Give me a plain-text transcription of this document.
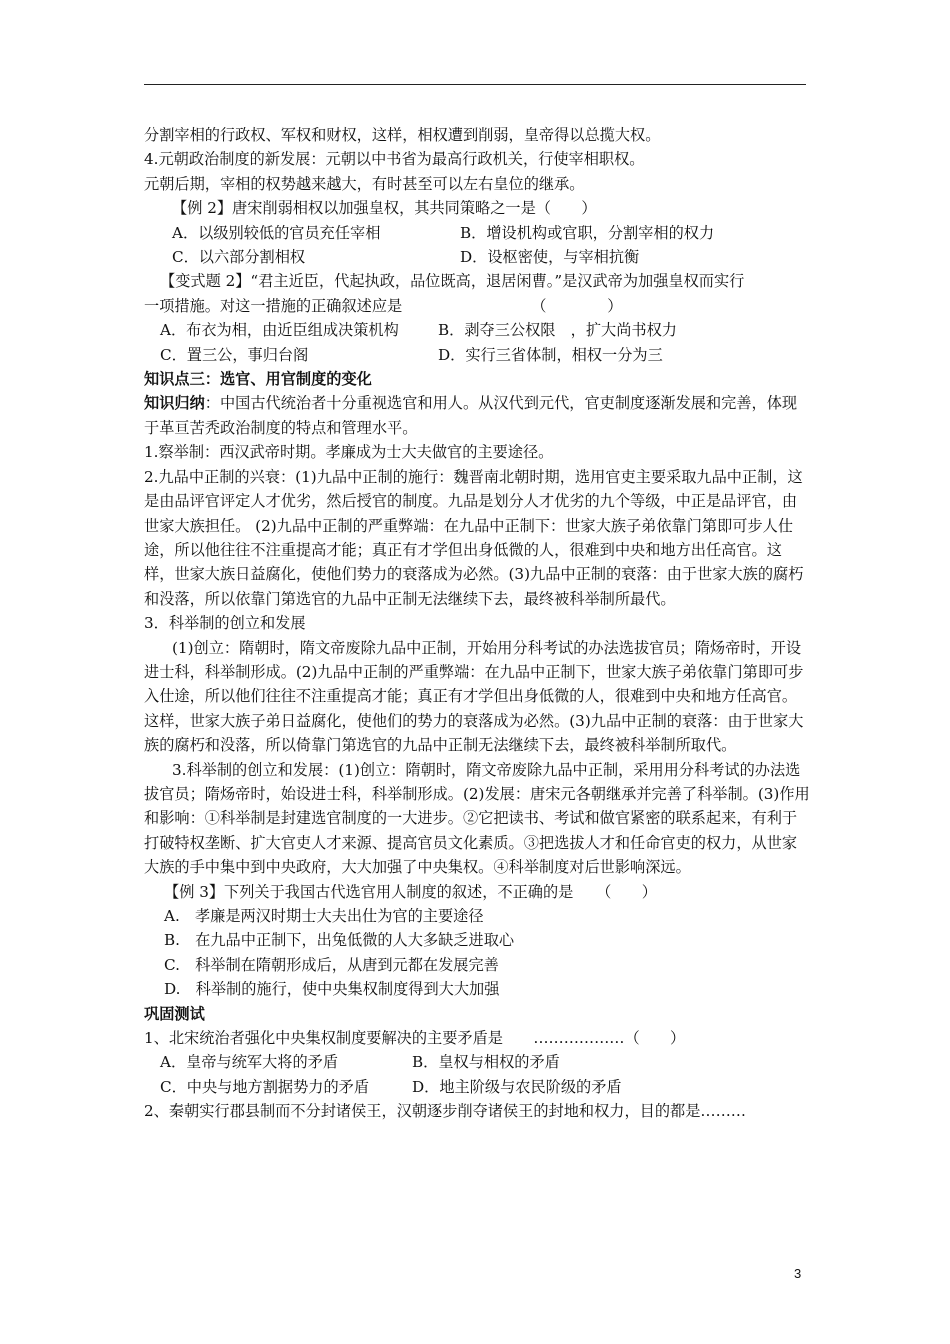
分割宰相的行政权、军权和财权，这样，相权遭到削弱，皇帝得以总揽大权。

4.元朝政治制度的新发展：元朝以中书省为最高行政机关，行使宰相职权。

元朝后期，宰相的权势越来越大，有时甚至可以左右皇位的继承。

【例 2】唐宋削弱相权以加强皇权，其共同策略之一是（　　）

A．以级别较低的官员充任宰相	B．增设机构或官职，分割宰相的权力
C．以六部分割相权	D．设枢密使，与宰相抗衡

【变式题 2】“君主近臣，代起执政，品位既高，退居闲曹。”是汉武帝为加强皇权而实行

一项措施。对这一措施的正确叙述应是　　　　　　　　　（　　　　）

A．布衣为相，由近臣组成决策机构	B．剥夺三公权限　，扩大尚书权力
C．置三公，事归台阁	D．实行三省体制，相权一分为三

知识点三：选官、用官制度的变化

知识归纳：中国古代统治者十分重视选官和用人。从汉代到元代，官吏制度逐渐发展和完善，体现于革亘苦秃政治制度的特点和管理水平。

1.察举制：西汉武帝时期。孝廉成为士大夫做官的主要途径。

2.九品中正制的兴衰：(1)九品中正制的施行：魏晋南北朝时期，选用官吏主要采取九品中正制，这是由品评官评定人才优劣，然后授官的制度。九品是划分人才优劣的九个等级，中正是品评官，由世家大族担任。 (2)九品中正制的严重弊端：在九品中正制下：世家大族子弟依靠门第即可步人仕途，所以他往往不注重提高才能；真正有才学但出身低微的人，很难到中央和地方出任高官。这样，世家大族日益腐化，使他们势力的衰落成为必然。(3)九品中正制的衰落：由于世家大族的腐朽和没落，所以依靠门第选官的九品中正制无法继续下去，最终被科举制所最代。

3．科举制的创立和发展

(1)创立：隋朝时，隋文帝废除九品中正制，开始用分科考试的办法选拔官员；隋炀帝时，开设进士科，科举制形成。(2)九品中正制的严重弊端：在九品中正制下，世家大族子弟依靠门第即可步入仕途，所以他们往往不注重提高才能；真正有才学但出身低微的人，很难到中央和地方任高官。这样，世家大族子弟日益腐化，使他们的势力的衰落成为必然。(3)九品中正制的衰落：由于世家大族的腐朽和没落，所以倚靠门第选官的九品中正制无法继续下去，最终被科举制所取代。

3.科举制的创立和发展：(1)创立：隋朝时，隋文帝废除九品中正制，采用用分科考试的办法选拔官员；隋炀帝时，始设进士科，科举制形成。(2)发展：唐宋元各朝继承并完善了科举制。(3)作用和影响：①科举制是封建选官制度的一大进步。②它把读书、考试和做官紧密的联系起来，有利于打破特权垄断、扩大官吏人才来源、提高官员文化素质。③把选拔人才和任命官吏的权力，从世家大族的手中集中到中央政府，大大加强了中央集权。④科举制度对后世影响深远。

【例 3】下列关于我国古代选官用人制度的叙述，不正确的是　　（　　）

A.　孝廉是两汉时期士大夫出仕为官的主要途径

B.　在九品中正制下，出兔低微的人大多缺乏进取心

C.　科举制在隋朝形成后，从唐到元都在发展完善

D.　科举制的施行，使中央集权制度得到大大加强

巩固测试

1、北宋统治者强化中央集权制度要解决的主要矛盾是　　………………（　　）

A．皇帝与统军大将的矛盾	B．皇权与相权的矛盾
C．中央与地方割据势力的矛盾	D．地主阶级与农民阶级的矛盾

2、秦朝实行郡县制而不分封诸侯王，汉朝逐步削夺诸侯王的封地和权力，目的都是………

3
